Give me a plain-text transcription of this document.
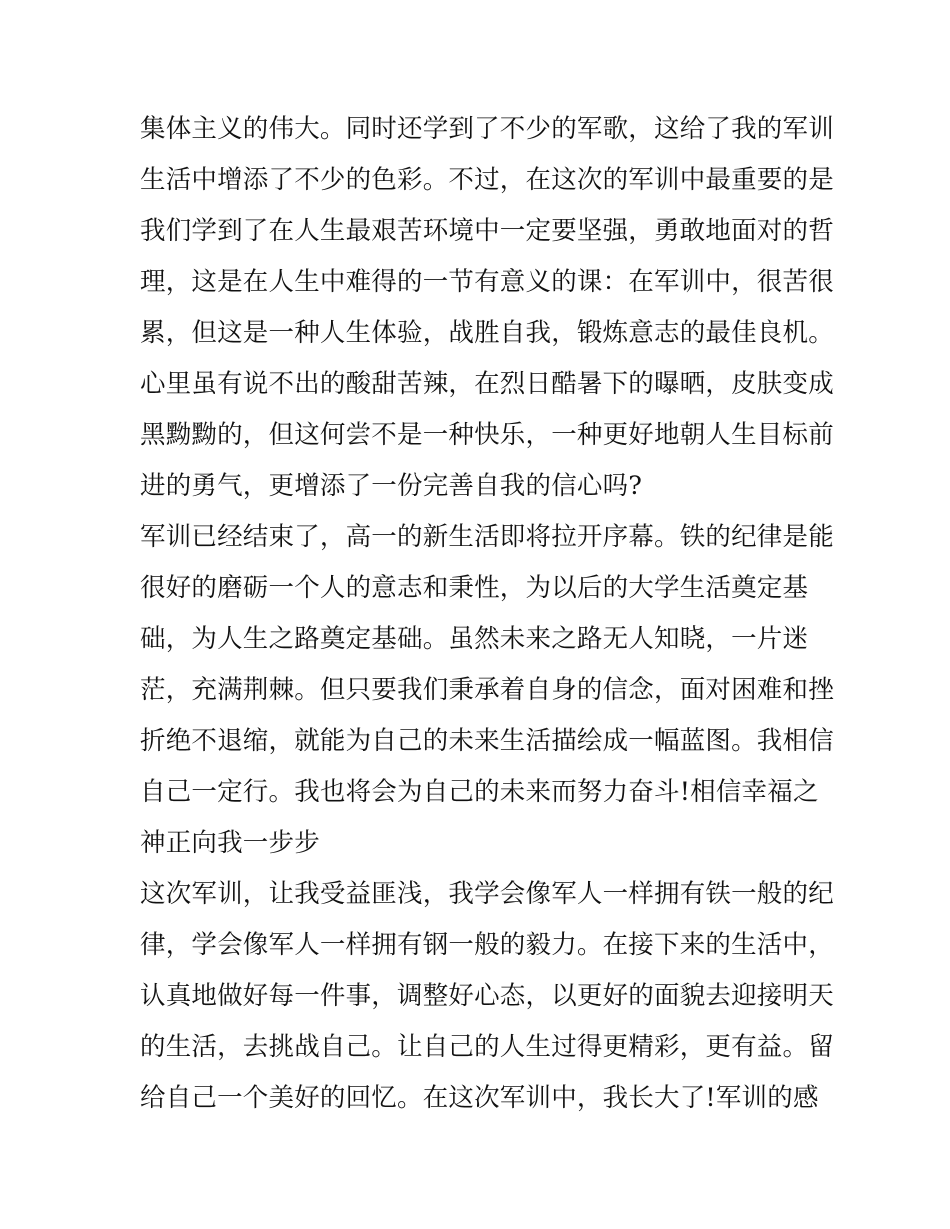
集体主义的伟大。同时还学到了不少的军歌，这给了我的军训
生活中增添了不少的色彩。不过，在这次的军训中最重要的是
我们学到了在人生最艰苦环境中一定要坚强，勇敢地面对的哲
理，这是在人生中难得的一节有意义的课：在军训中，很苦很
累，但这是一种人生体验，战胜自我，锻炼意志的最佳良机。
心里虽有说不出的酸甜苦辣，在烈日酷暑下的曝晒，皮肤变成
黑黝黝的，但这何尝不是一种快乐，一种更好地朝人生目标前
进的勇气，更增添了一份完善自我的信心吗?
军训已经结束了，高一的新生活即将拉开序幕。铁的纪律是能
很好的磨砺一个人的意志和秉性，为以后的大学生活奠定基
础，为人生之路奠定基础。虽然未来之路无人知晓，一片迷
茫，充满荆棘。但只要我们秉承着自身的信念，面对困难和挫
折绝不退缩，就能为自己的未来生活描绘成一幅蓝图。我相信
自己一定行。我也将会为自己的未来而努力奋斗!相信幸福之
神正向我一步步
这次军训，让我受益匪浅，我学会像军人一样拥有铁一般的纪
律，学会像军人一样拥有钢一般的毅力。在接下来的生活中，
认真地做好每一件事，调整好心态，以更好的面貌去迎接明天
的生活，去挑战自己。让自己的人生过得更精彩，更有益。留
给自己一个美好的回忆。在这次军训中，我长大了!军训的感
